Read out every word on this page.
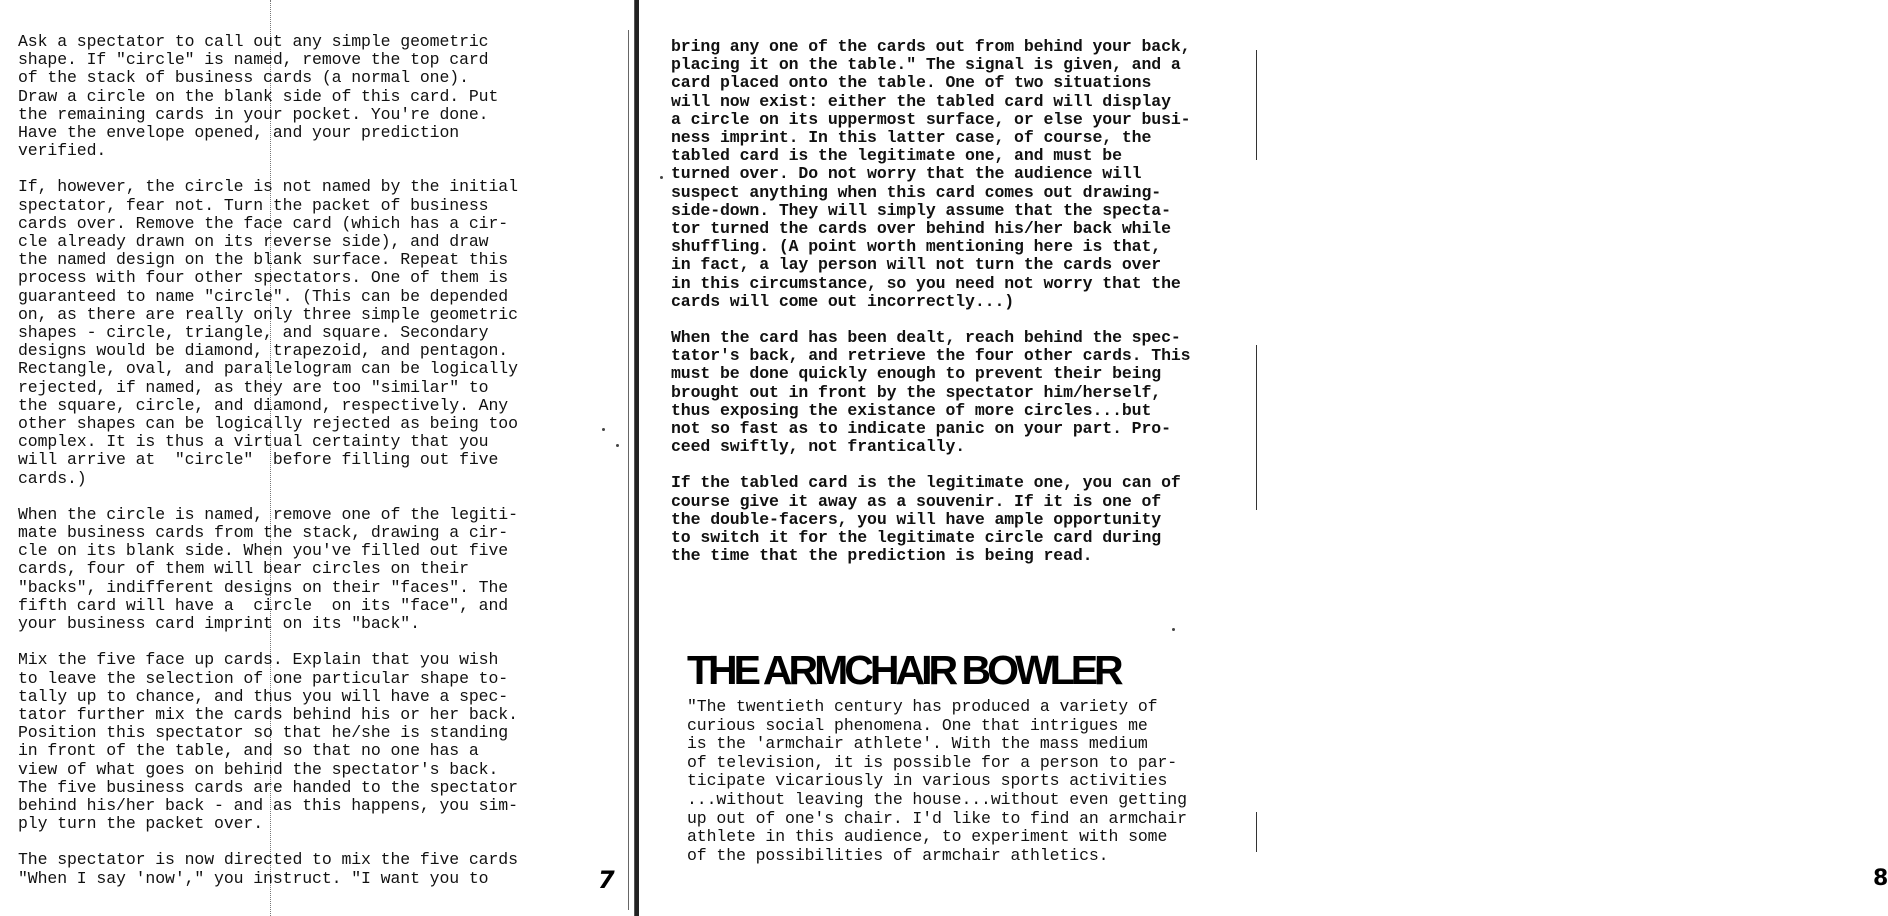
Ask a spectator to call out any simple geometric
shape. If "circle" is named, remove the top card
of the stack of business cards (a normal one).
Draw a circle on the blank side of this card. Put
the remaining cards in your pocket. You're done.
Have the envelope opened, and your prediction
verified.

If, however, the circle is not named by the initial
spectator, fear not. Turn the packet of business
cards over. Remove the face card (which has a cir-
cle already drawn on its reverse side), and draw
the named design on the blank surface. Repeat this
process with four other spectators. One of them is
guaranteed to name "circle". (This can be depended
on, as there are really only three simple geometric
shapes - circle, triangle, and square. Secondary
designs would be diamond, trapezoid, and pentagon.
Rectangle, oval, and parallelogram can be logically
rejected, if named, as they are too "similar" to
the square, circle, and diamond, respectively. Any
other shapes can be logically rejected as being too
complex. It is thus a virtual certainty that you
will arrive at  "circle"  before filling out five
cards.)

When the circle is named, remove one of the legiti-
mate business cards from the stack, drawing a cir-
cle on its blank side. When you've filled out five
cards, four of them will bear circles on their
"backs", indifferent designs on their "faces". The
fifth card will have a  circle  on its "face", and
your business card imprint on its "back".

Mix the five face up cards. Explain that you wish
to leave the selection of one particular shape to-
tally up to chance, and thus you will have a spec-
tator further mix the cards behind his or her back.
Position this spectator so that he/she is standing
in front of the table, and so that no one has a
view of what goes on behind the spectator's back.
The five business cards are handed to the spectator
behind his/her back - and as this happens, you sim-
ply turn the packet over.

The spectator is now directed to mix the five cards
"When I say 'now'," you instruct. "I want you to	7

bring any one of the cards out from behind your back,
placing it on the table." The signal is given, and a
card placed onto the table. One of two situations
will now exist: either the tabled card will display
a circle on its uppermost surface, or else your busi-
ness imprint. In this latter case, of course, the
tabled card is the legitimate one, and must be
turned over. Do not worry that the audience will
suspect anything when this card comes out drawing-
side-down. They will simply assume that the specta-
tor turned the cards over behind his/her back while
shuffling. (A point worth mentioning here is that,
in fact, a lay person will not turn the cards over
in this circumstance, so you need not worry that the
cards will come out incorrectly...)

When the card has been dealt, reach behind the spec-
tator's back, and retrieve the four other cards. This
must be done quickly enough to prevent their being
brought out in front by the spectator him/herself,
thus exposing the existance of more circles...but
not so fast as to indicate panic on your part. Pro-
ceed swiftly, not frantically.

If the tabled card is the legitimate one, you can of
course give it away as a souvenir. If it is one of
the double-facers, you will have ample opportunity
to switch it for the legitimate circle card during
the time that the prediction is being read.

THE ARMCHAIR BOWLER

"The twentieth century has produced a variety of
curious social phenomena. One that intrigues me
is the 'armchair athlete'. With the mass medium
of television, it is possible for a person to par-
ticipate vicariously in various sports activities
...without leaving the house...without even getting
up out of one's chair. I'd like to find an armchair
athlete in this audience, to experiment with some
of the possibilities of armchair athletics.

8
